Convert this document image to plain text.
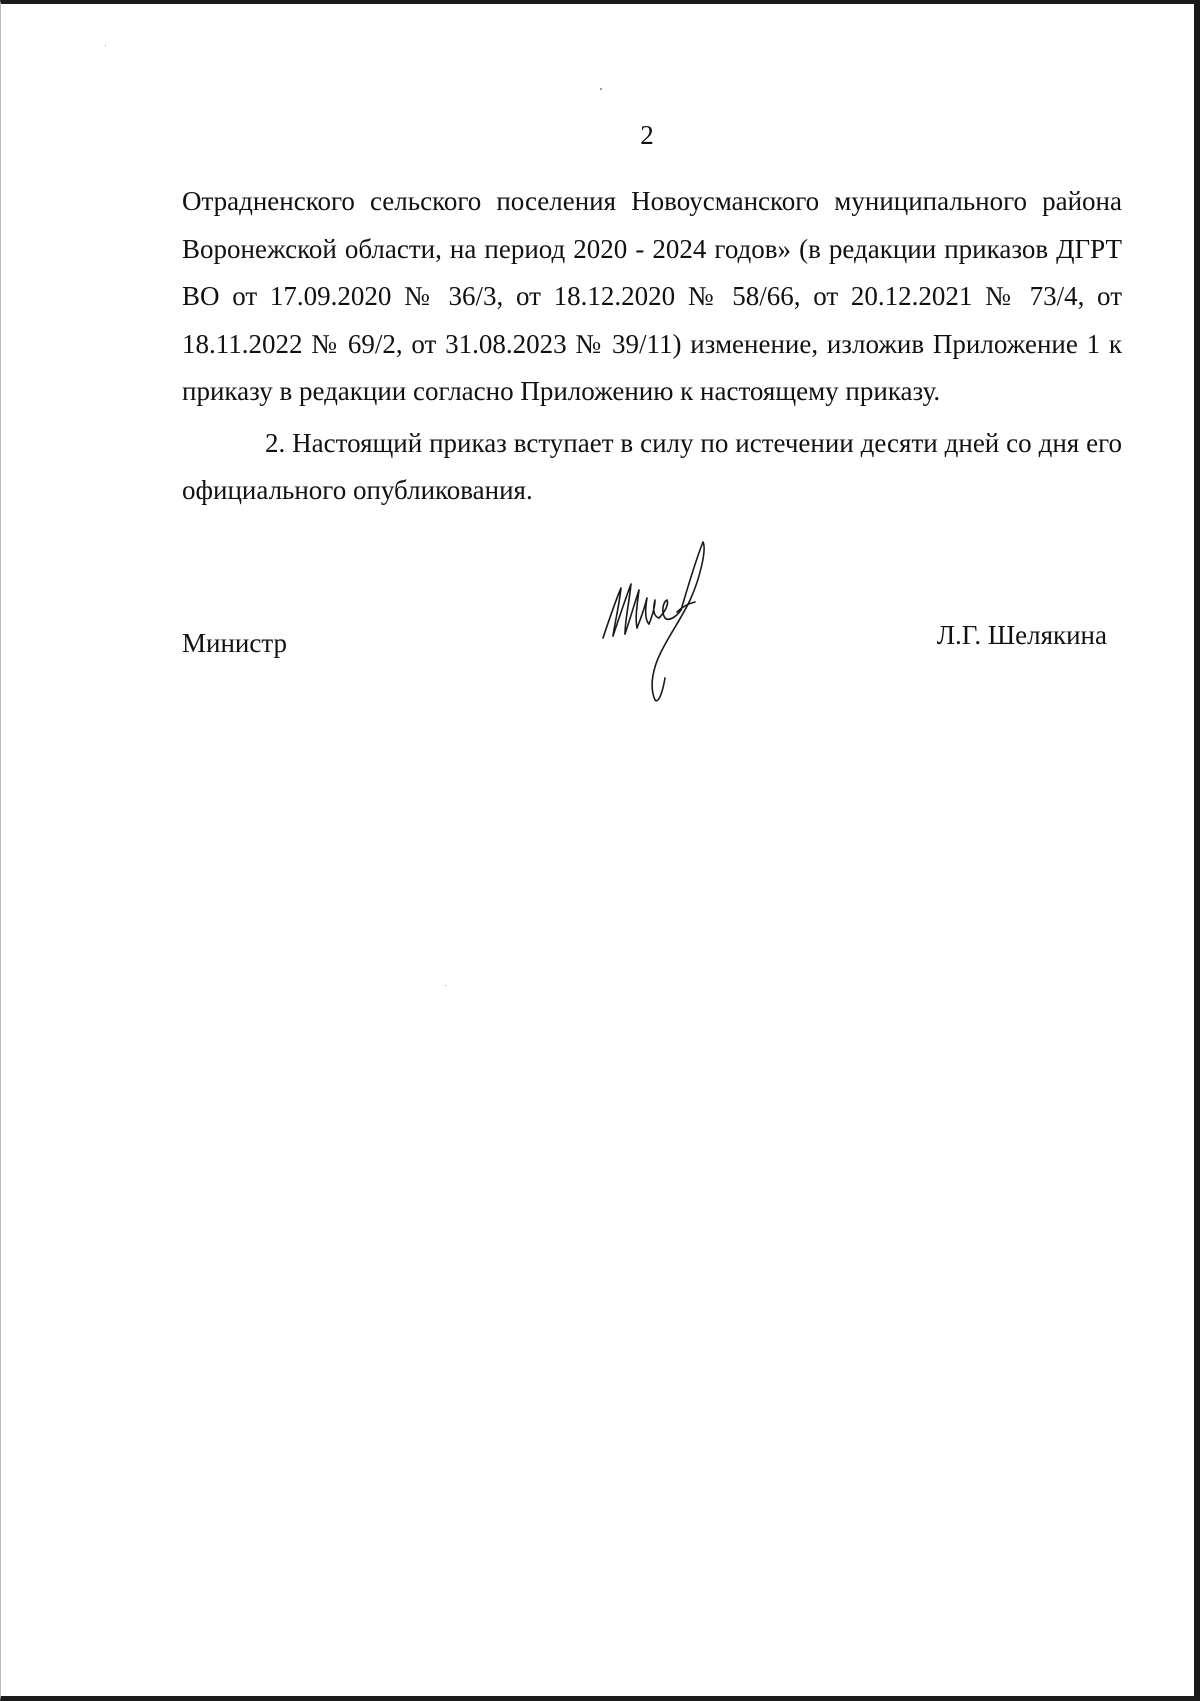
2

Отрадненского сельского поселения Новоусманского муниципального района Воронежской области, на период 2020 - 2024 годов» (в редакции приказов ДГРТ ВО от 17.09.2020 № 36/3, от 18.12.2020 № 58/66, от 20.12.2021 № 73/4, от 18.11.2022 № 69/2, от 31.08.2023 № 39/11) изменение, изложив Приложение 1 к приказу в редакции согласно Приложению к настоящему приказу.

2. Настоящий приказ вступает в силу по истечении десяти дней со дня его официального опубликования.

Министр	Л.Г. Шелякина
